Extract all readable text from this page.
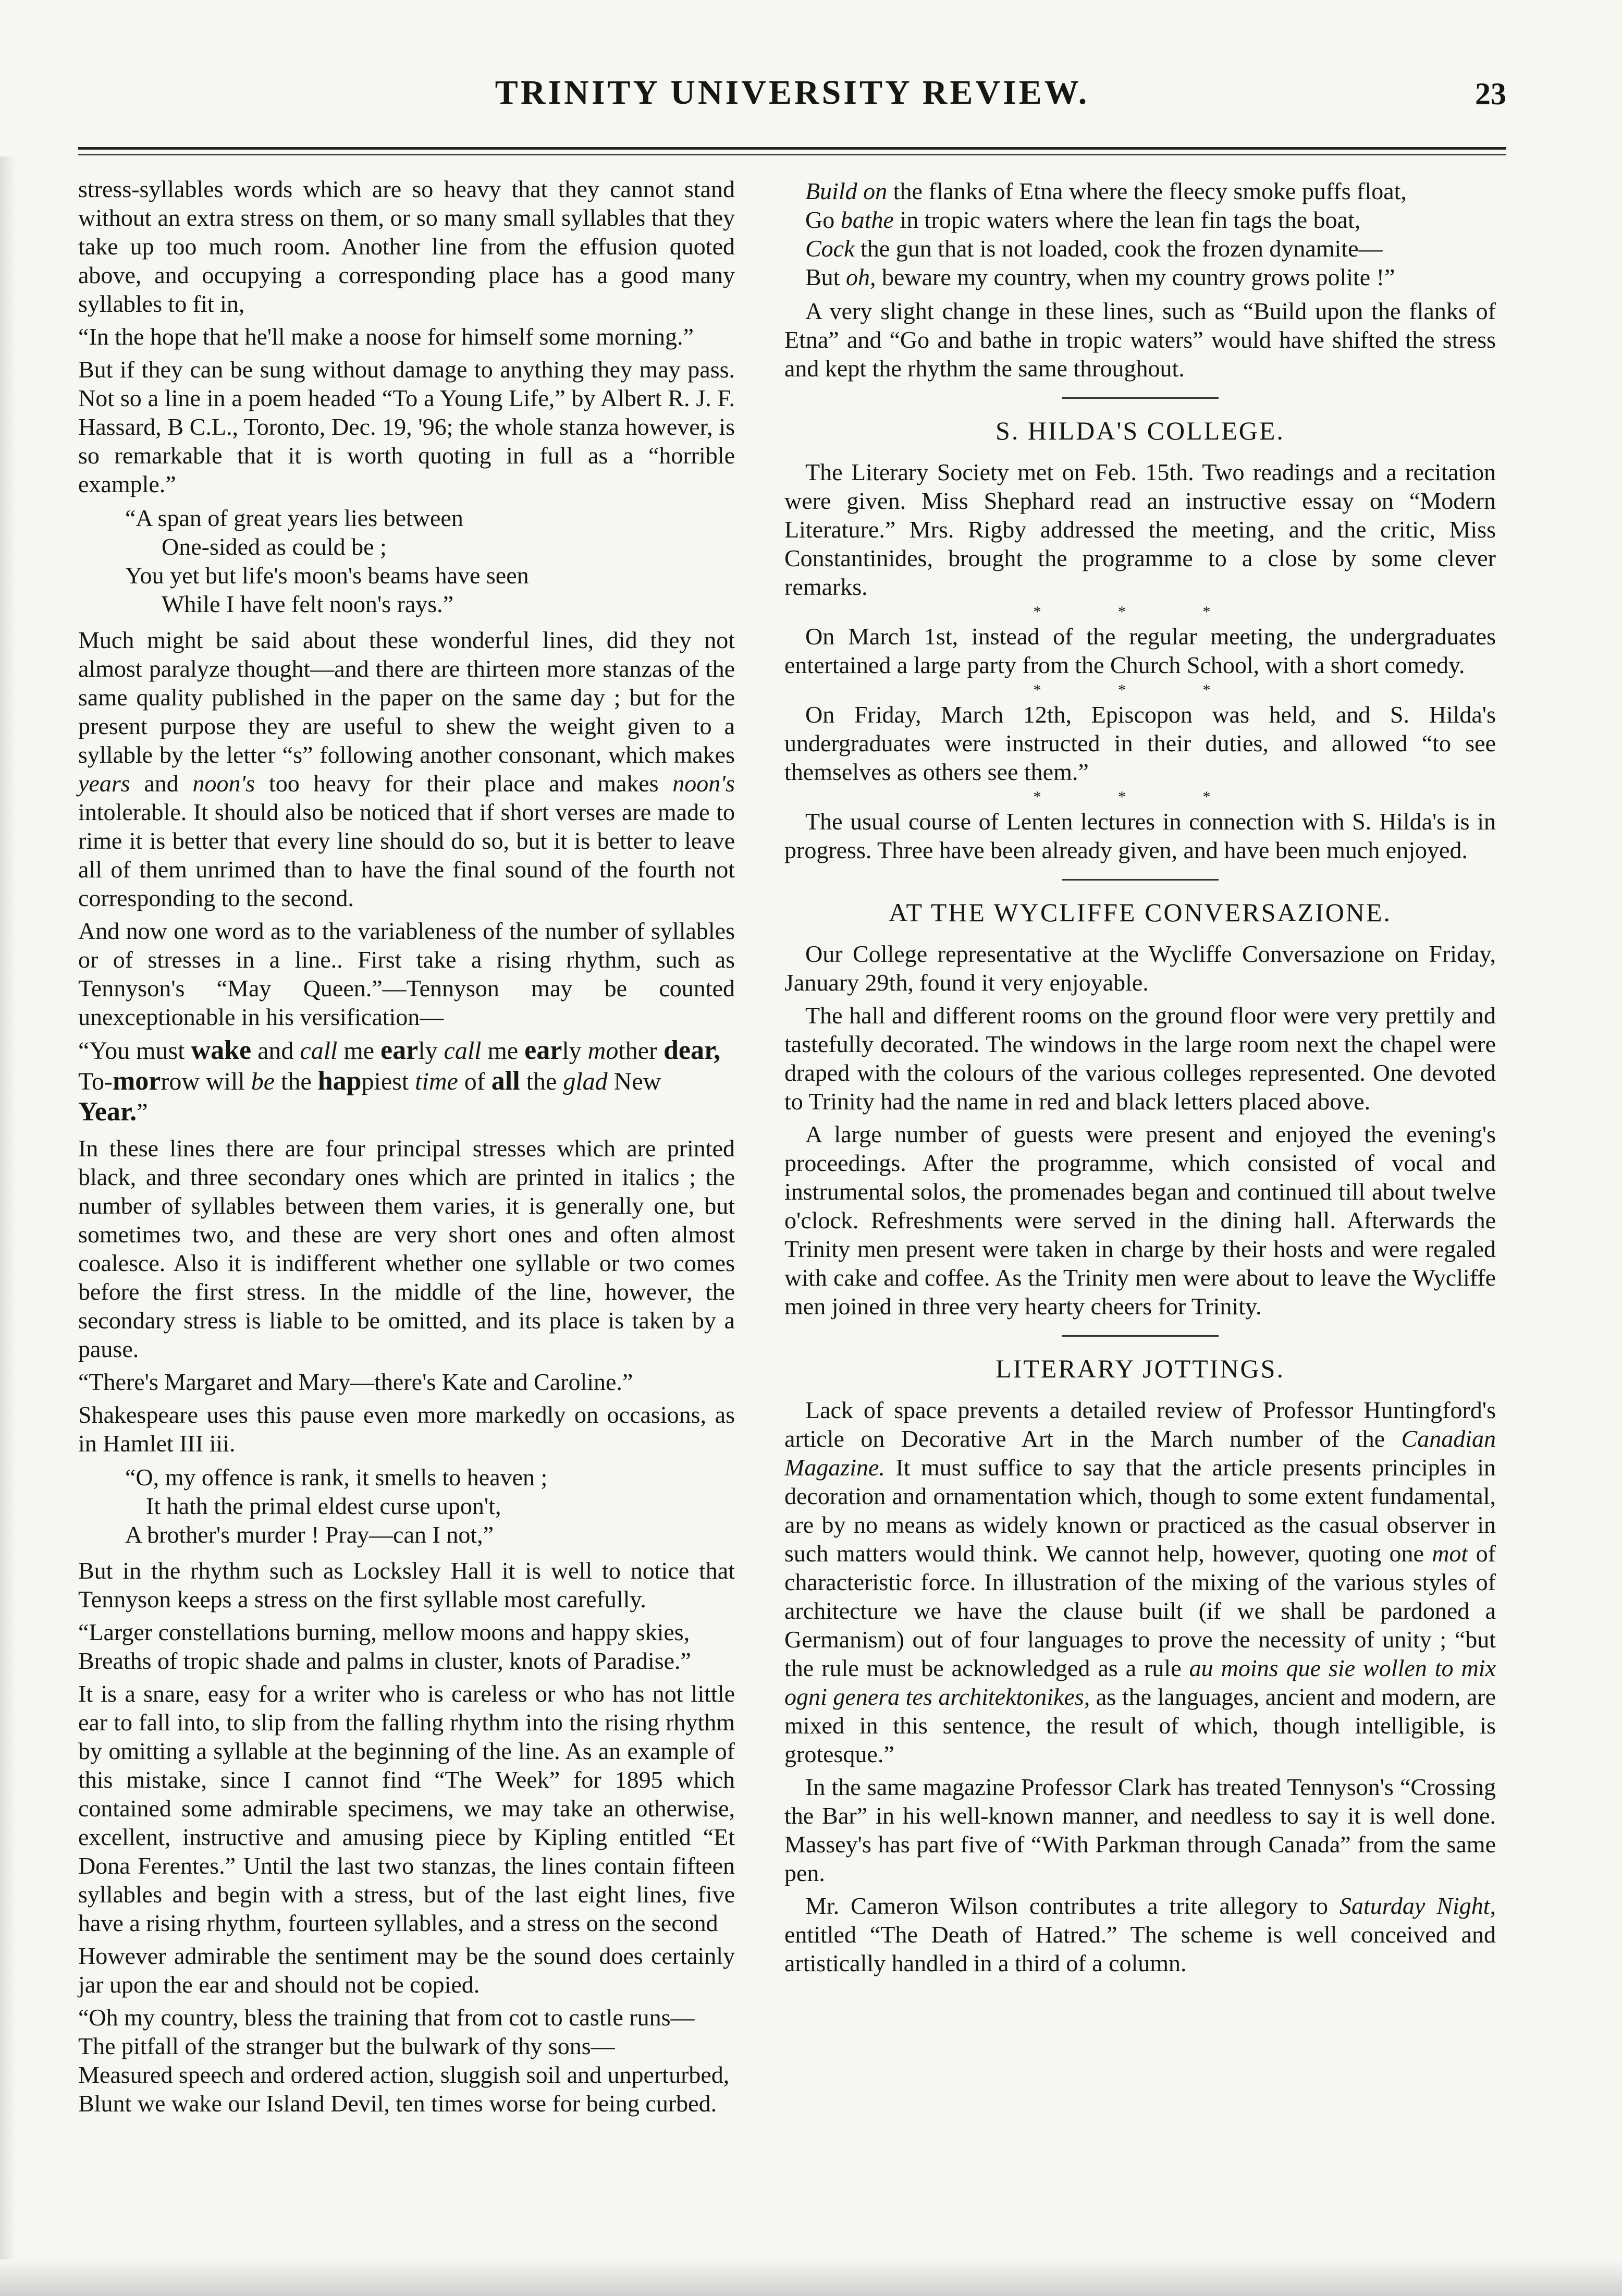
TRINITY UNIVERSITY REVIEW.	23

stress-syllables words which are so heavy that they cannot stand without an extra stress on them, or so many small syllables that they take up too much room. Another line from the effusion quoted above, and occupying a corresponding place has a good many syllables to fit in,

“In the hope that he'll make a noose for himself some morning.”

But if they can be sung without damage to anything they may pass. Not so a line in a poem headed “To a Young Life,” by Albert R. J. F. Hassard, B C.L., Toronto, Dec. 19, '96; the whole stanza however, is so remarkable that it is worth quoting in full as a “horrible example.”

“A span of great years lies between
One-sided as could be ;
You yet but life's moon's beams have seen
While I have felt noon's rays.”

Much might be said about these wonderful lines, did they not almost paralyze thought—and there are thirteen more stanzas of the same quality published in the paper on the same day ; but for the present purpose they are useful to shew the weight given to a syllable by the letter “s” following another consonant, which makes years and noon's too heavy for their place and makes noon's intolerable. It should also be noticed that if short verses are made to rime it is better that every line should do so, but it is better to leave all of them unrimed than to have the final sound of the fourth not corresponding to the second.

And now one word as to the variableness of the number of syllables or of stresses in a line.. First take a rising rhythm, such as Tennyson's “May Queen.”—Tennyson may be counted unexceptionable in his versification—

“You must wake and call me early call me early mother dear,
To-morrow will be the happiest time of all the glad New Year.”

In these lines there are four principal stresses which are printed black, and three secondary ones which are printed in italics ; the number of syllables between them varies, it is generally one, but sometimes two, and these are very short ones and often almost coalesce. Also it is indifferent whether one syllable or two comes before the first stress. In the middle of the line, however, the secondary stress is liable to be omitted, and its place is taken by a pause.

“There's Margaret and Mary—there's Kate and Caroline.”

Shakespeare uses this pause even more markedly on occasions, as in Hamlet III iii.

“O, my offence is rank, it smells to heaven ;
It hath the primal eldest curse upon't,
A brother's murder ! Pray—can I not,”

But in the rhythm such as Locksley Hall it is well to notice that Tennyson keeps a stress on the first syllable most carefully.

“Larger constellations burning, mellow moons and happy skies, Breaths of tropic shade and palms in cluster, knots of Paradise.”

It is a snare, easy for a writer who is careless or who has not little ear to fall into, to slip from the falling rhythm into the rising rhythm by omitting a syllable at the beginning of the line. As an example of this mistake, since I cannot find “The Week” for 1895 which contained some admirable specimens, we may take an otherwise, excellent, instructive and amusing piece by Kipling entitled “Et Dona Ferentes.” Until the last two stanzas, the lines contain fifteen syllables and begin with a stress, but of the last eight lines, five have a rising rhythm, fourteen syllables, and a stress on the second

However admirable the sentiment may be the sound does certainly jar upon the ear and should not be copied.

“Oh my country, bless the training that from cot to castle runs—
The pitfall of the stranger but the bulwark of thy sons—
Measured speech and ordered action, sluggish soil and unperturbed,
Blunt we wake our Island Devil, ten times worse for being curbed.
Build on the flanks of Etna where the fleecy smoke puffs float,
Go bathe in tropic waters where the lean fin tags the boat,
Cock the gun that is not loaded, cook the frozen dynamite—
But oh, beware my country, when my country grows polite !”

A very slight change in these lines, such as “Build upon the flanks of Etna” and “Go and bathe in tropic waters” would have shifted the stress and kept the rhythm the same throughout.

S. HILDA'S COLLEGE.

The Literary Society met on Feb. 15th. Two readings and a recitation were given. Miss Shephard read an instructive essay on “Modern Literature.” Mrs. Rigby addressed the meeting, and the critic, Miss Constantinides, brought the programme to a close by some clever remarks.

* * *

On March 1st, instead of the regular meeting, the undergraduates entertained a large party from the Church School, with a short comedy.

* * *

On Friday, March 12th, Episcopon was held, and S. Hilda's undergraduates were instructed in their duties, and allowed “to see themselves as others see them.”

* * *

The usual course of Lenten lectures in connection with S. Hilda's is in progress. Three have been already given, and have been much enjoyed.

AT THE WYCLIFFE CONVERSAZIONE.

Our College representative at the Wycliffe Conversazione on Friday, January 29th, found it very enjoyable.

The hall and different rooms on the ground floor were very prettily and tastefully decorated. The windows in the large room next the chapel were draped with the colours of the various colleges represented. One devoted to Trinity had the name in red and black letters placed above.

A large number of guests were present and enjoyed the evening's proceedings. After the programme, which consisted of vocal and instrumental solos, the promenades began and continued till about twelve o'clock. Refreshments were served in the dining hall. Afterwards the Trinity men present were taken in charge by their hosts and were regaled with cake and coffee. As the Trinity men were about to leave the Wycliffe men joined in three very hearty cheers for Trinity.

LITERARY JOTTINGS.

Lack of space prevents a detailed review of Professor Huntingford's article on Decorative Art in the March number of the Canadian Magazine. It must suffice to say that the article presents principles in decoration and ornamentation which, though to some extent fundamental, are by no means as widely known or practiced as the casual observer in such matters would think. We cannot help, however, quoting one mot of characteristic force. In illustration of the mixing of the various styles of architecture we have the clause built (if we shall be pardoned a Germanism) out of four languages to prove the necessity of unity ; “but the rule must be acknowledged as a rule au moins que sie wollen to mix ogni genera tes architektonikes, as the languages, ancient and modern, are mixed in this sentence, the result of which, though intelligible, is grotesque.”

In the same magazine Professor Clark has treated Tennyson's “Crossing the Bar” in his well-known manner, and needless to say it is well done. Massey's has part five of “With Parkman through Canada” from the same pen.

Mr. Cameron Wilson contributes a trite allegory to Saturday Night, entitled “The Death of Hatred.” The scheme is well conceived and artistically handled in a third of a column.
